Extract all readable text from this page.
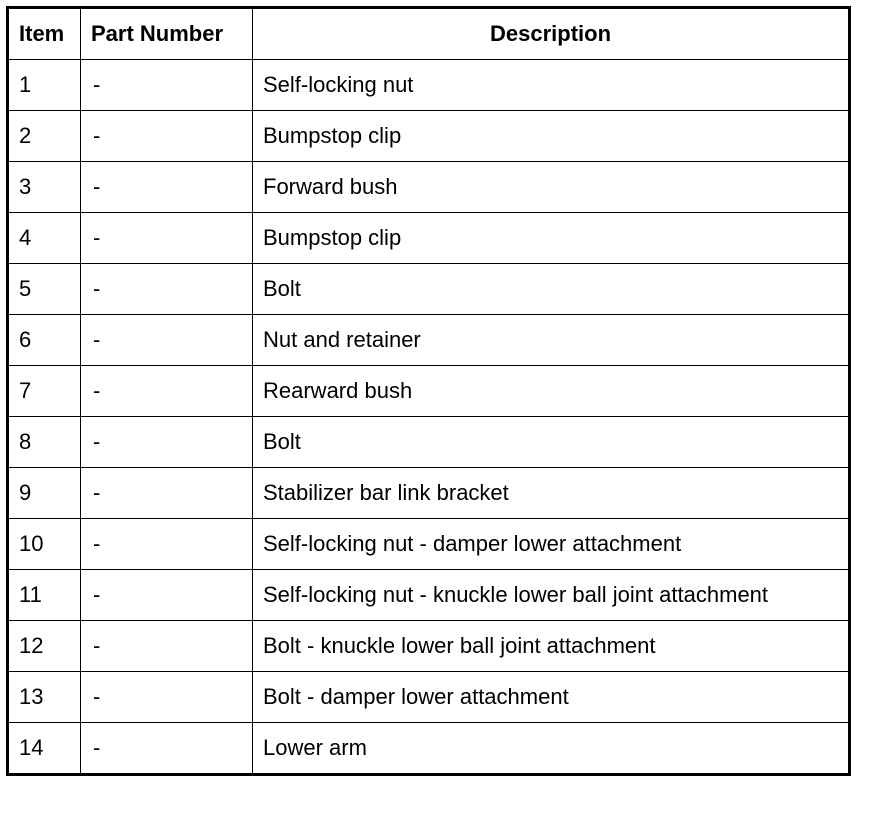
Item	Part Number	Description
1	-	Self-locking nut
2	-	Bumpstop clip
3	-	Forward bush
4	-	Bumpstop clip
5	-	Bolt
6	-	Nut and retainer
7	-	Rearward bush
8	-	Bolt
9	-	Stabilizer bar link bracket
10	-	Self-locking nut - damper lower attachment
11	-	Self-locking nut - knuckle lower ball joint attachment
12	-	Bolt - knuckle lower ball joint attachment
13	-	Bolt - damper lower attachment
14	-	Lower arm
